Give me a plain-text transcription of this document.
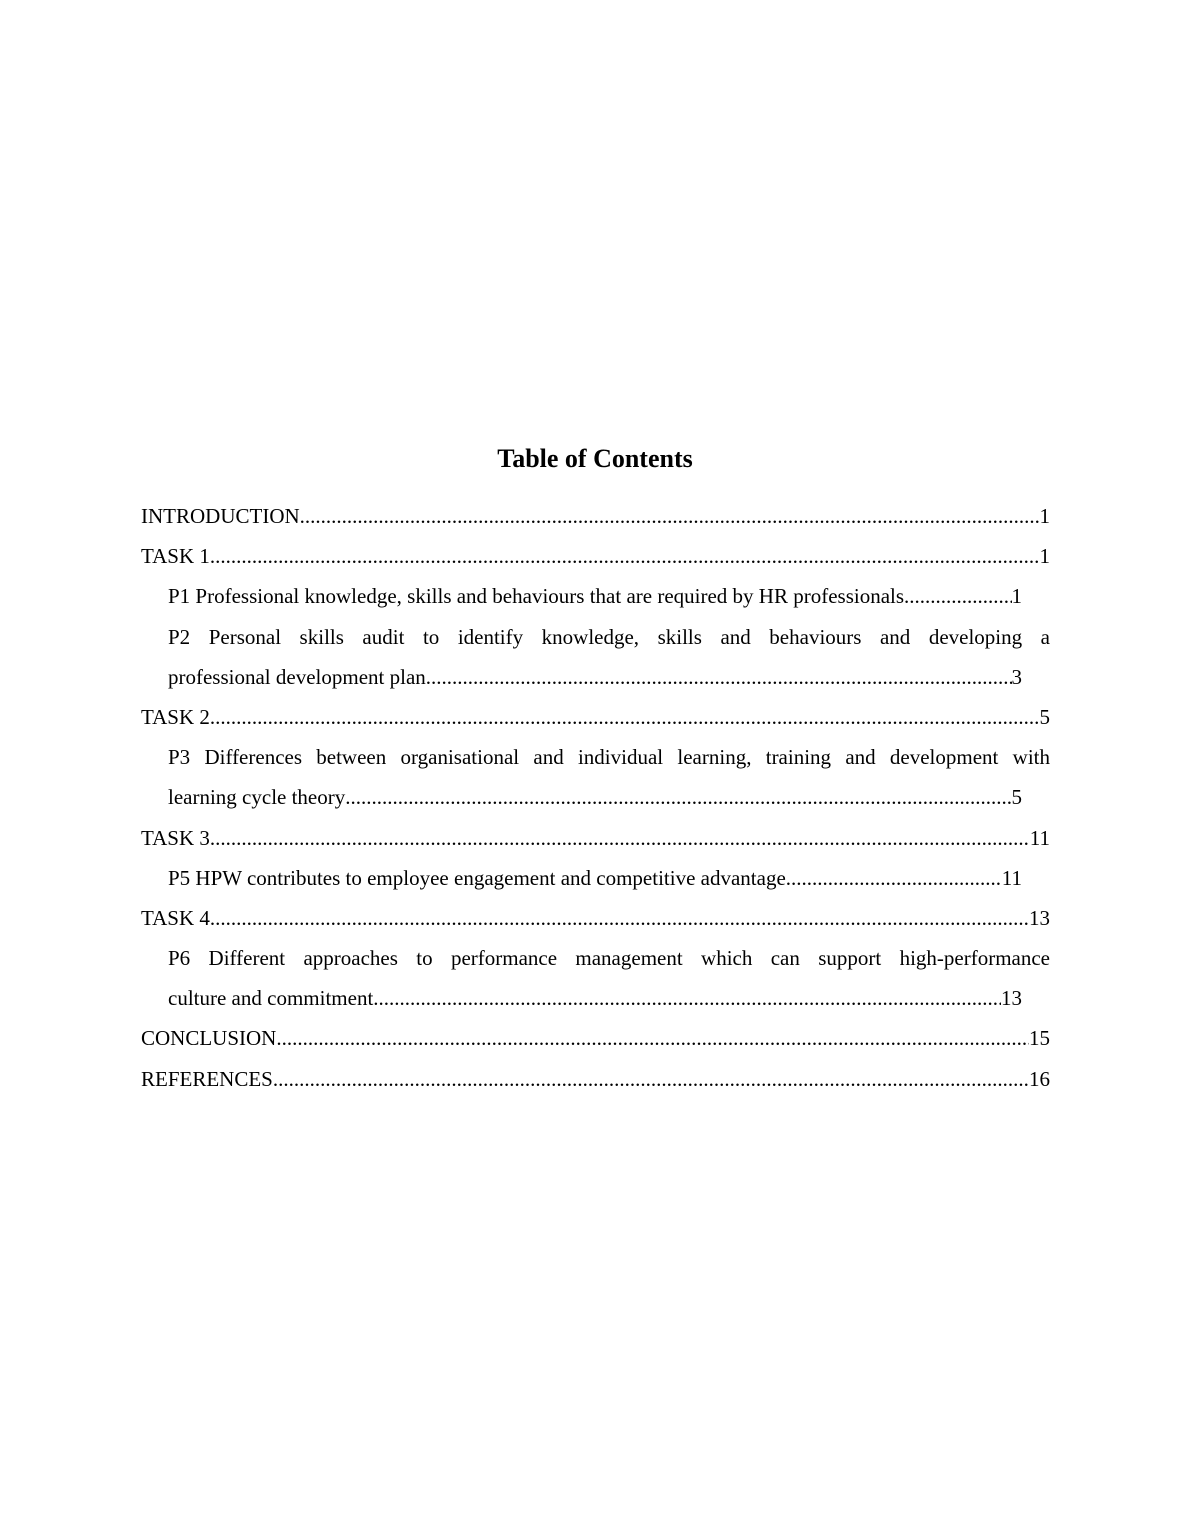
Table of Contents
INTRODUCTION .....	1
TASK 1 .....	1
P1 Professional knowledge, skills and behaviours that are required by HR professionals .....	1
P2 Personal skills audit to identify knowledge, skills and behaviours and developing a
professional development plan .....	3
TASK 2 .....	5
P3 Differences between organisational and individual learning, training and development with
learning cycle theory .....	5
TASK 3 .....	11
P5 HPW contributes to employee engagement and competitive advantage .....	11
TASK 4 .....	13
P6 Different approaches to performance management which can support high-performance
culture and commitment .....	13
CONCLUSION .....	15
REFERENCES .....	16
